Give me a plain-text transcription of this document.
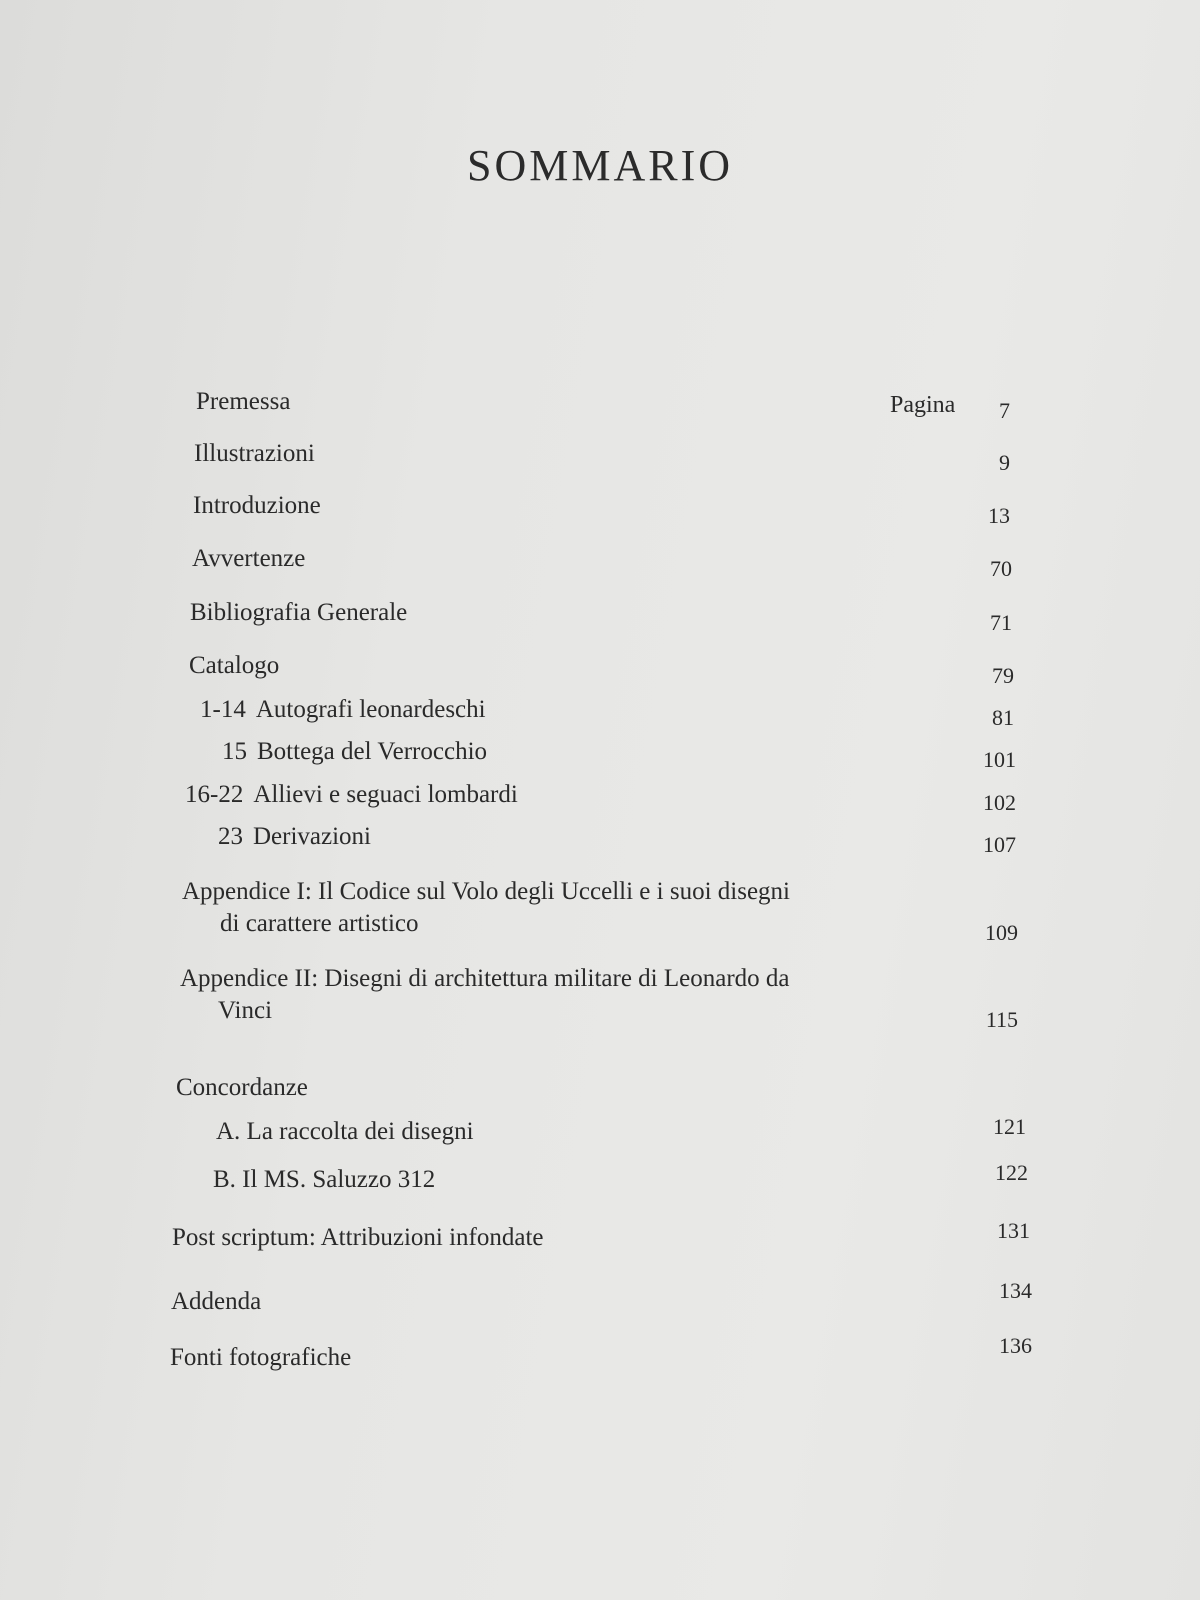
SOMMARIO
Pagina
Premessa	7
Illustrazioni	9
Introduzione	13
Avvertenze	70
Bibliografia Generale	71
Catalogo	79
1-14 Autografi leonardeschi	81
15 Bottega del Verrocchio	101
16-22 Allievi e seguaci lombardi	102
23 Derivazioni	107
Appendice I: Il Codice sul Volo degli Uccelli e i suoi disegni
di carattere artistico	109
Appendice II: Disegni di architettura militare di Leonardo da
Vinci	115
Concordanze
A. La raccolta dei disegni	121
B. Il MS. Saluzzo 312	122
Post scriptum: Attribuzioni infondate	131
Addenda	134
Fonti fotografiche	136
